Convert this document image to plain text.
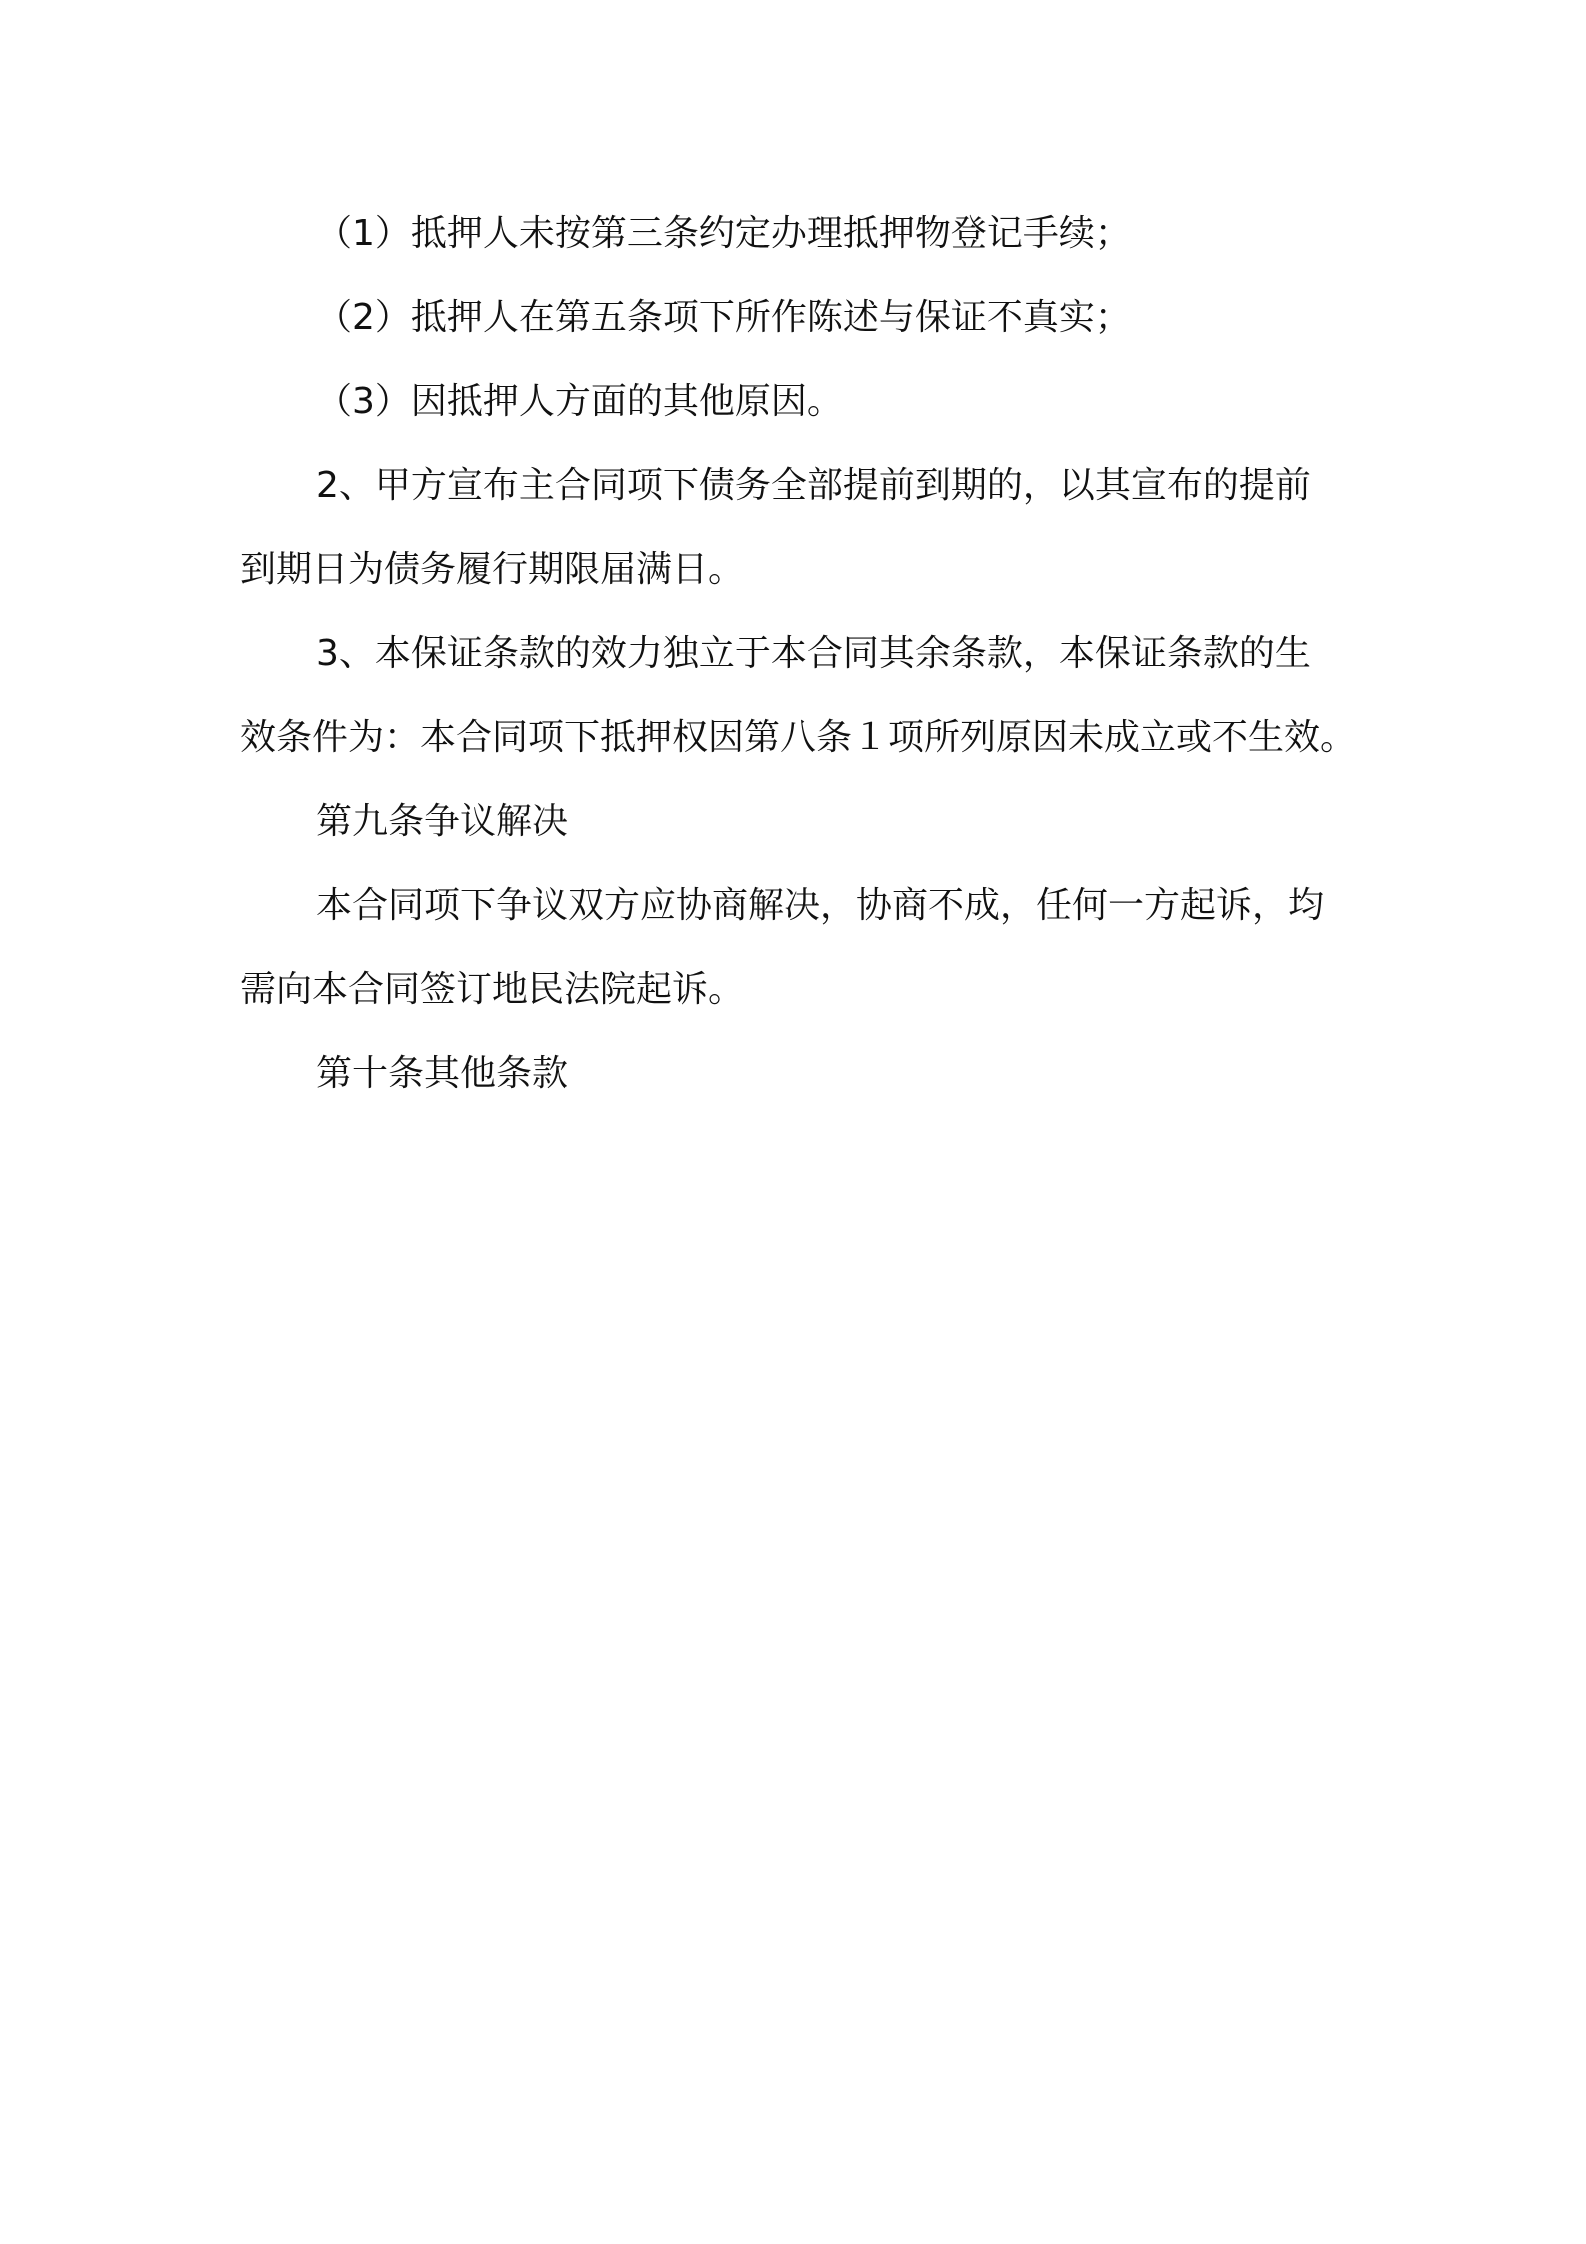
（1）抵押人未按第三条约定办理抵押物登记手续；
（2）抵押人在第五条项下所作陈述与保证不真实；
（3）因抵押人方面的其他原因。
2、甲方宣布主合同项下债务全部提前到期的，以其宣布的提前
到期日为债务履行期限届满日。
3、本保证条款的效力独立于本合同其余条款，本保证条款的生
效条件为：本合同项下抵押权因第八条１项所列原因未成立或不生效。
第九条争议解决
本合同项下争议双方应协商解决，协商不成，任何一方起诉，均
需向本合同签订地民法院起诉。
第十条其他条款
